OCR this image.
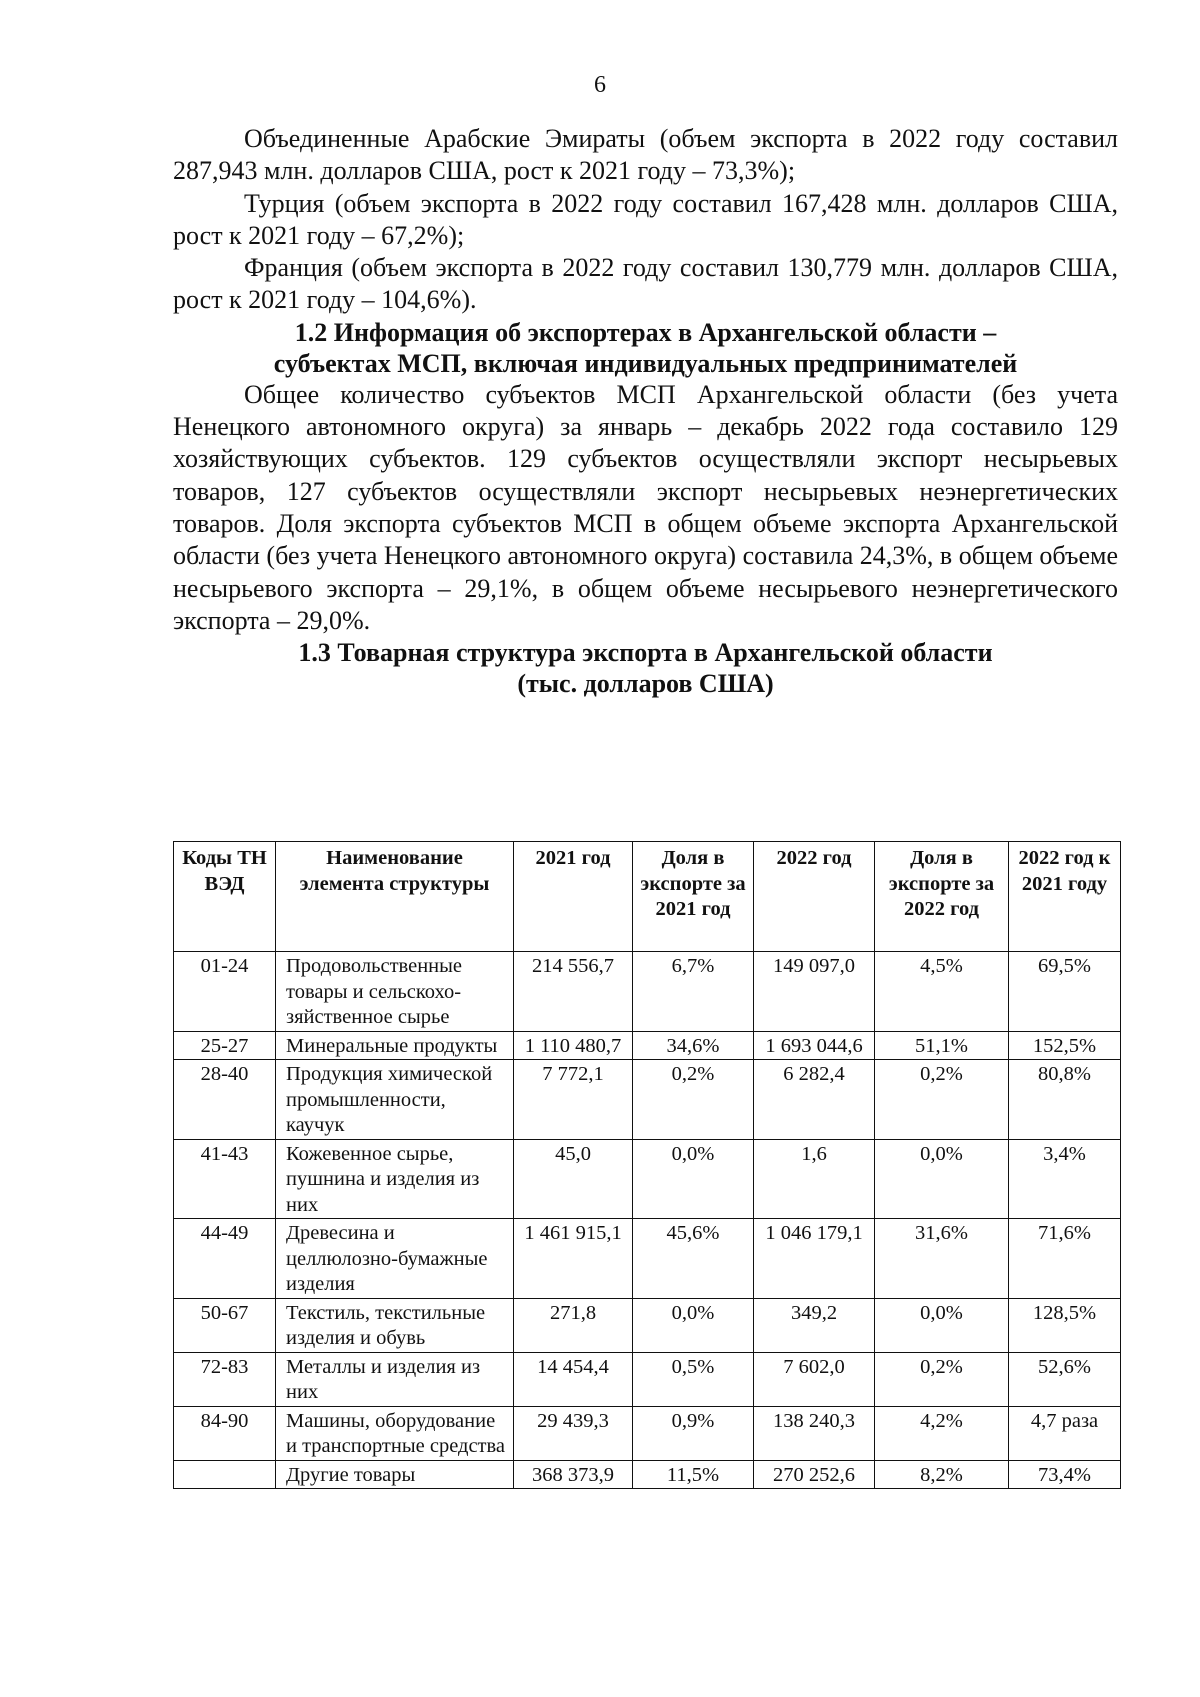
6

Объединенные Арабские Эмираты (объем экспорта в 2022 году составил 287,943 млн. долларов США, рост к 2021 году – 73,3%);

Турция (объем экспорта в 2022 году составил 167,428 млн. долларов США, рост к 2021 году – 67,2%);

Франция (объем экспорта в 2022 году составил 130,779 млн. долларов США, рост к 2021 году – 104,6%).

1.2 Информация об экспортерах в Архангельской области –
субъектах МСП, включая индивидуальных предпринимателей

Общее количество субъектов МСП Архангельской области (без учета Ненецкого автономного округа) за январь – декабрь 2022 года составило 129 хозяйствующих субъектов. 129 субъектов осуществляли экспорт несырьевых товаров, 127 субъектов осуществляли экспорт несырьевых неэнергетических товаров. Доля экспорта субъектов МСП в общем объеме экспорта Архангельской области (без учета Ненецкого автономного округа) составила 24,3%, в общем объеме несырьевого экспорта – 29,1%, в общем объеме несырьевого неэнергетического экспорта – 29,0%.

1.3 Товарная структура экспорта в Архангельской области
(тыс. долларов США)
Коды ТН ВЭД	Наименование элемента структуры	2021 год	Доля в экспорте за 2021 год	2022 год	Доля в экспорте за 2022 год	2022 год к 2021 году
01-24	Продовольственные товары и сельскохо-зяйственное сырье	214 556,7	6,7%	149 097,0	4,5%	69,5%
25-27	Минеральные продукты	1 110 480,7	34,6%	1 693 044,6	51,1%	152,5%
28-40	Продукция химической промышленности, каучук	7 772,1	0,2%	6 282,4	0,2%	80,8%
41-43	Кожевенное сырье, пушнина и изделия из них	45,0	0,0%	1,6	0,0%	3,4%
44-49	Древесина и целлюлозно-бумажные изделия	1 461 915,1	45,6%	1 046 179,1	31,6%	71,6%
50-67	Текстиль, текстильные изделия и обувь	271,8	0,0%	349,2	0,0%	128,5%
72-83	Металлы и изделия из них	14 454,4	0,5%	7 602,0	0,2%	52,6%
84-90	Машины, оборудование и транспортные средства	29 439,3	0,9%	138 240,3	4,2%	4,7 раза
	Другие товары	368 373,9	11,5%	270 252,6	8,2%	73,4%
